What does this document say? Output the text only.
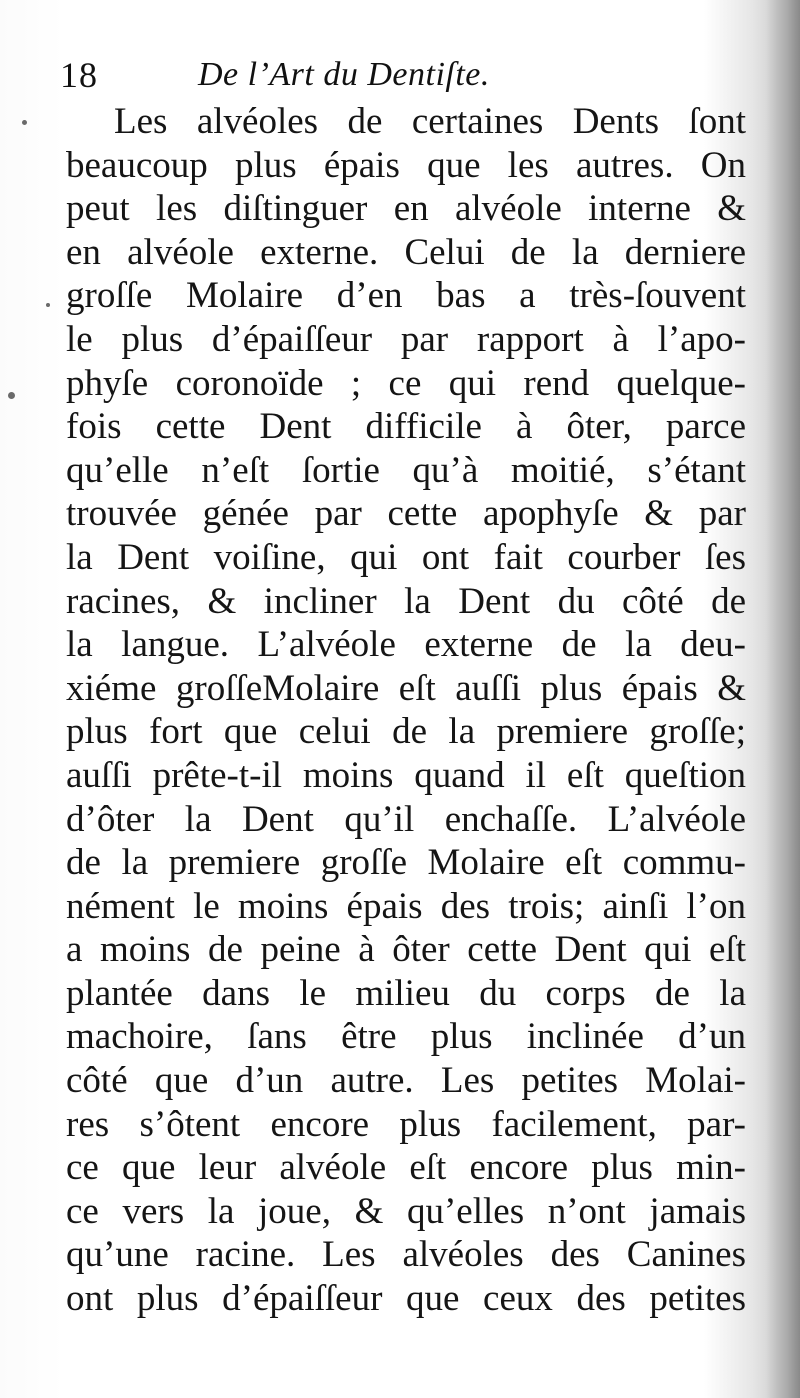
18	De l’Art du Dentiſte.
Les alvéoles de certaines Dents ſont
beaucoup plus épais que les autres. On
peut les diſtinguer en alvéole interne &
en alvéole externe. Celui de la derniere
groſſe Molaire d’en bas a très-ſouvent
le plus d’épaiſſeur par rapport à l’apo-
phyſe coronoïde ; ce qui rend quelque-
fois cette Dent difficile à ôter, parce
qu’elle n’eſt ſortie qu’à moitié, s’étant
trouvée génée par cette apophyſe & par
la Dent voiſine, qui ont fait courber ſes
racines, & incliner la Dent du côté de
la langue. L’alvéole externe de la deu-
xiéme groſſeMolaire eſt auſſi plus épais &
plus fort que celui de la premiere groſſe;
auſſi prête-t-il moins quand il eſt queſtion
d’ôter la Dent qu’il enchaſſe. L’alvéole
de la premiere groſſe Molaire eſt commu-
nément le moins épais des trois; ainſi l’on
a moins de peine à ôter cette Dent qui eſt
plantée dans le milieu du corps de la
machoire, ſans être plus inclinée d’un
côté que d’un autre. Les petites Molai-
res s’ôtent encore plus facilement, par-
ce que leur alvéole eſt encore plus min-
ce vers la joue, & qu’elles n’ont jamais
qu’une racine. Les alvéoles des Canines
ont plus d’épaiſſeur que ceux des petites
